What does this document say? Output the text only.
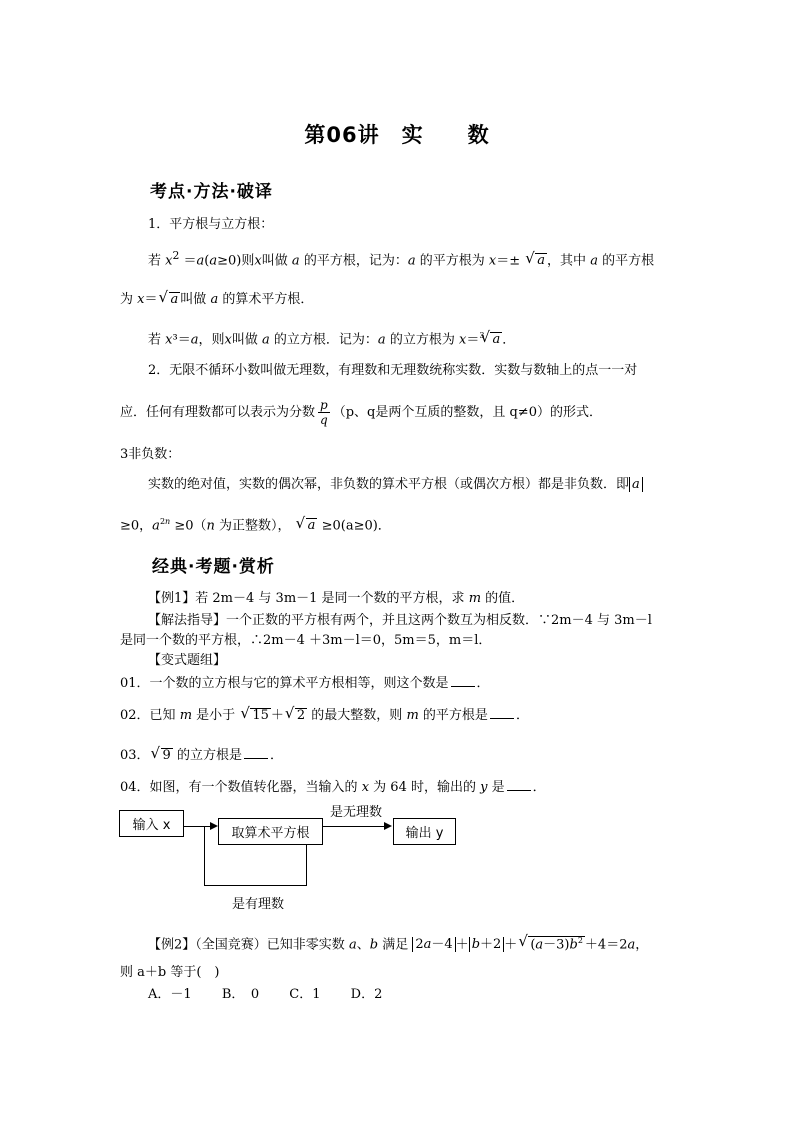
第06讲　实　　数
考点·方法·破译
1．平方根与立方根：
若 $x^2 =a(a\ge 0)$则x叫做 a 的平方根，记为：a 的平方根为 x＝± √ a ，其中 a 的平方根
为 x＝ √ a 叫做 a 的算术平方根．
若 x³＝a，则x叫做 a 的立方根．记为：a 的立方根为 x＝$^3$ √ a ．
2．无限不循环小数叫做无理数，有理数和无理数统称实数．实数与数轴上的点一一对
应．任何有理数都可以表示为分数 $\frac{p}{q} (p$、q是两个互质的整数，且 q≠0）的形式．
3非负数：
实数的绝对值，实数的偶次幂，非负数的算术平方根（或偶次方根）都是非负数．即 a
≥0，$a^{2n} \ge 0(n$ 为正整数）， √ a ≥0(a≥0)．
经典·考题·赏析
【例1】若 2m－4 与 3m－1 是同一个数的平方根，求 m 的值．
【解法指导】一个正数的平方根有两个，并且这两个数互为相反数．∵2m－4 与 3m－l
是同一个数的平方根，∴2m－4 ＋3m－l＝0，5m＝5，m＝l．
【变式题组】
01．一个数的立方根与它的算术平方根相等，则这个数是 ．
02．已知 m 是小于 √ 15 ＋ √ 2 的最大整数，则 m 的平方根是 ．
03． √ 9 的立方根是 ．
04．如图，有一个数值转化器，当输入的 x 为 64 时，输出的 y 是 ．
输入 x
取算术平方根
是无理数
输出 y
是有理数
【例2】（全国竞赛）已知非零实数 a、b 满足 2a－4 ＋ b＋2 ＋ √ $(a-3)b^2 +4=2a$，
则 a＋b 等于(　)
A．－1 B．　0 C．1 D．2
